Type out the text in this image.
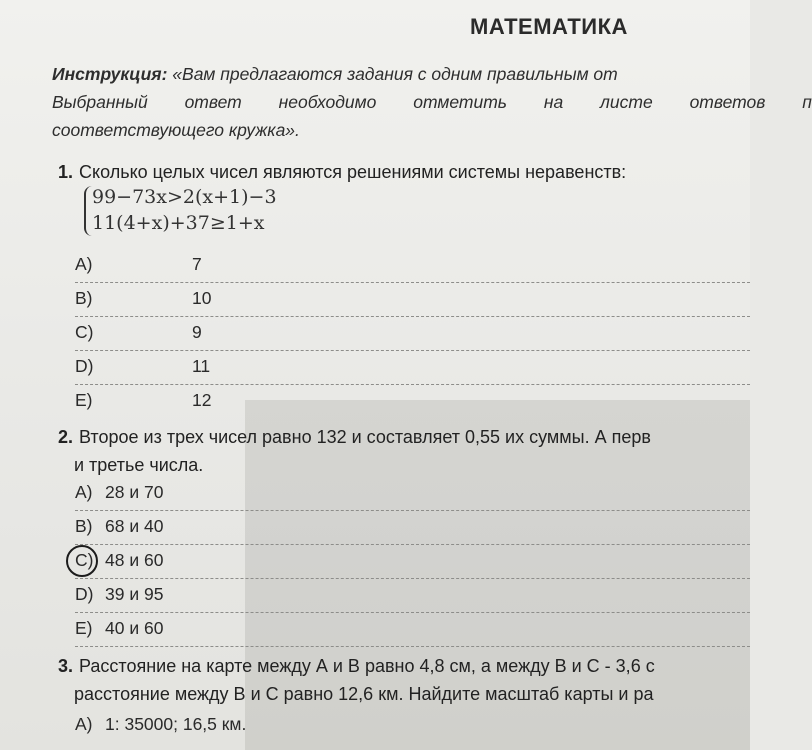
МАТЕМАТИКА
Инструкция: «Вам предлагаются задания с одним правильным от
Выбранный ответ необходимо отметить на листе ответов п
соответствующего кружка».
1. Сколько целых чисел являются решениями системы неравенств:
99−73x>2(x+1)−3
11(4+x)+37≥1+x
A)	7
B)	10
C)	9
D)	11
E)	12
2. Второе из трех чисел равно 132 и составляет 0,55 их суммы. А перв
и третье числа.
A) 28 и 70
B) 68 и 40
C) 48 и 60
D) 39 и 95
E) 40 и 60
3. Расстояние на карте между А и В равно 4,8 см, а между В и С - 3,6 с
расстояние между В и С равно 12,6 км. Найдите масштаб карты и ра
A) 1: 35000; 16,5 км.
